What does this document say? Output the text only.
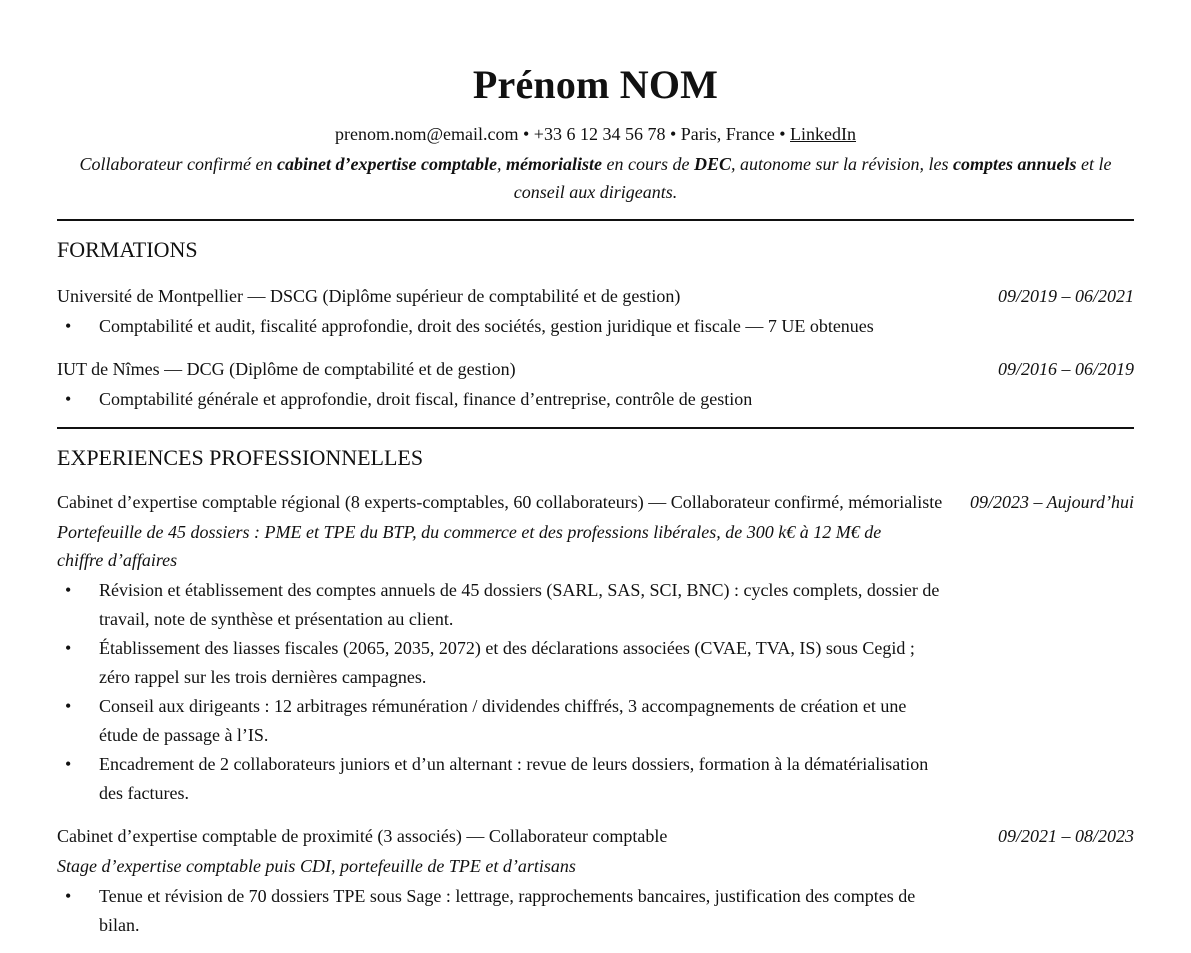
Prénom NOM
prenom.nom@email.com • +33 6 12 34 56 78 • Paris, France • LinkedIn
Collaborateur confirmé en cabinet d’expertise comptable, mémorialiste en cours de DEC, autonome sur la révision, les comptes annuels et le conseil aux dirigeants.
FORMATIONS
Université de Montpellier — DSCG (Diplôme supérieur de comptabilité et de gestion)	09/2019 – 06/2021
• Comptabilité et audit, fiscalité approfondie, droit des sociétés, gestion juridique et fiscale — 7 UE obtenues
IUT de Nîmes — DCG (Diplôme de comptabilité et de gestion)	09/2016 – 06/2019
• Comptabilité générale et approfondie, droit fiscal, finance d’entreprise, contrôle de gestion
EXPERIENCES PROFESSIONNELLES
Cabinet d’expertise comptable régional (8 experts-comptables, 60 collaborateurs) — Collaborateur confirmé, mémorialiste	09/2023 – Aujourd’hui
Portefeuille de 45 dossiers : PME et TPE du BTP, du commerce et des professions libérales, de 300 k€ à 12 M€ de chiffre d’affaires
• Révision et établissement des comptes annuels de 45 dossiers (SARL, SAS, SCI, BNC) : cycles complets, dossier de travail, note de synthèse et présentation au client.
• Établissement des liasses fiscales (2065, 2035, 2072) et des déclarations associées (CVAE, TVA, IS) sous Cegid ; zéro rappel sur les trois dernières campagnes.
• Conseil aux dirigeants : 12 arbitrages rémunération / dividendes chiffrés, 3 accompagnements de création et une étude de passage à l’IS.
• Encadrement de 2 collaborateurs juniors et d’un alternant : revue de leurs dossiers, formation à la dématérialisation des factures.
Cabinet d’expertise comptable de proximité (3 associés) — Collaborateur comptable	09/2021 – 08/2023
Stage d’expertise comptable puis CDI, portefeuille de TPE et d’artisans
• Tenue et révision de 70 dossiers TPE sous Sage : lettrage, rapprochements bancaires, justification des comptes de bilan.
